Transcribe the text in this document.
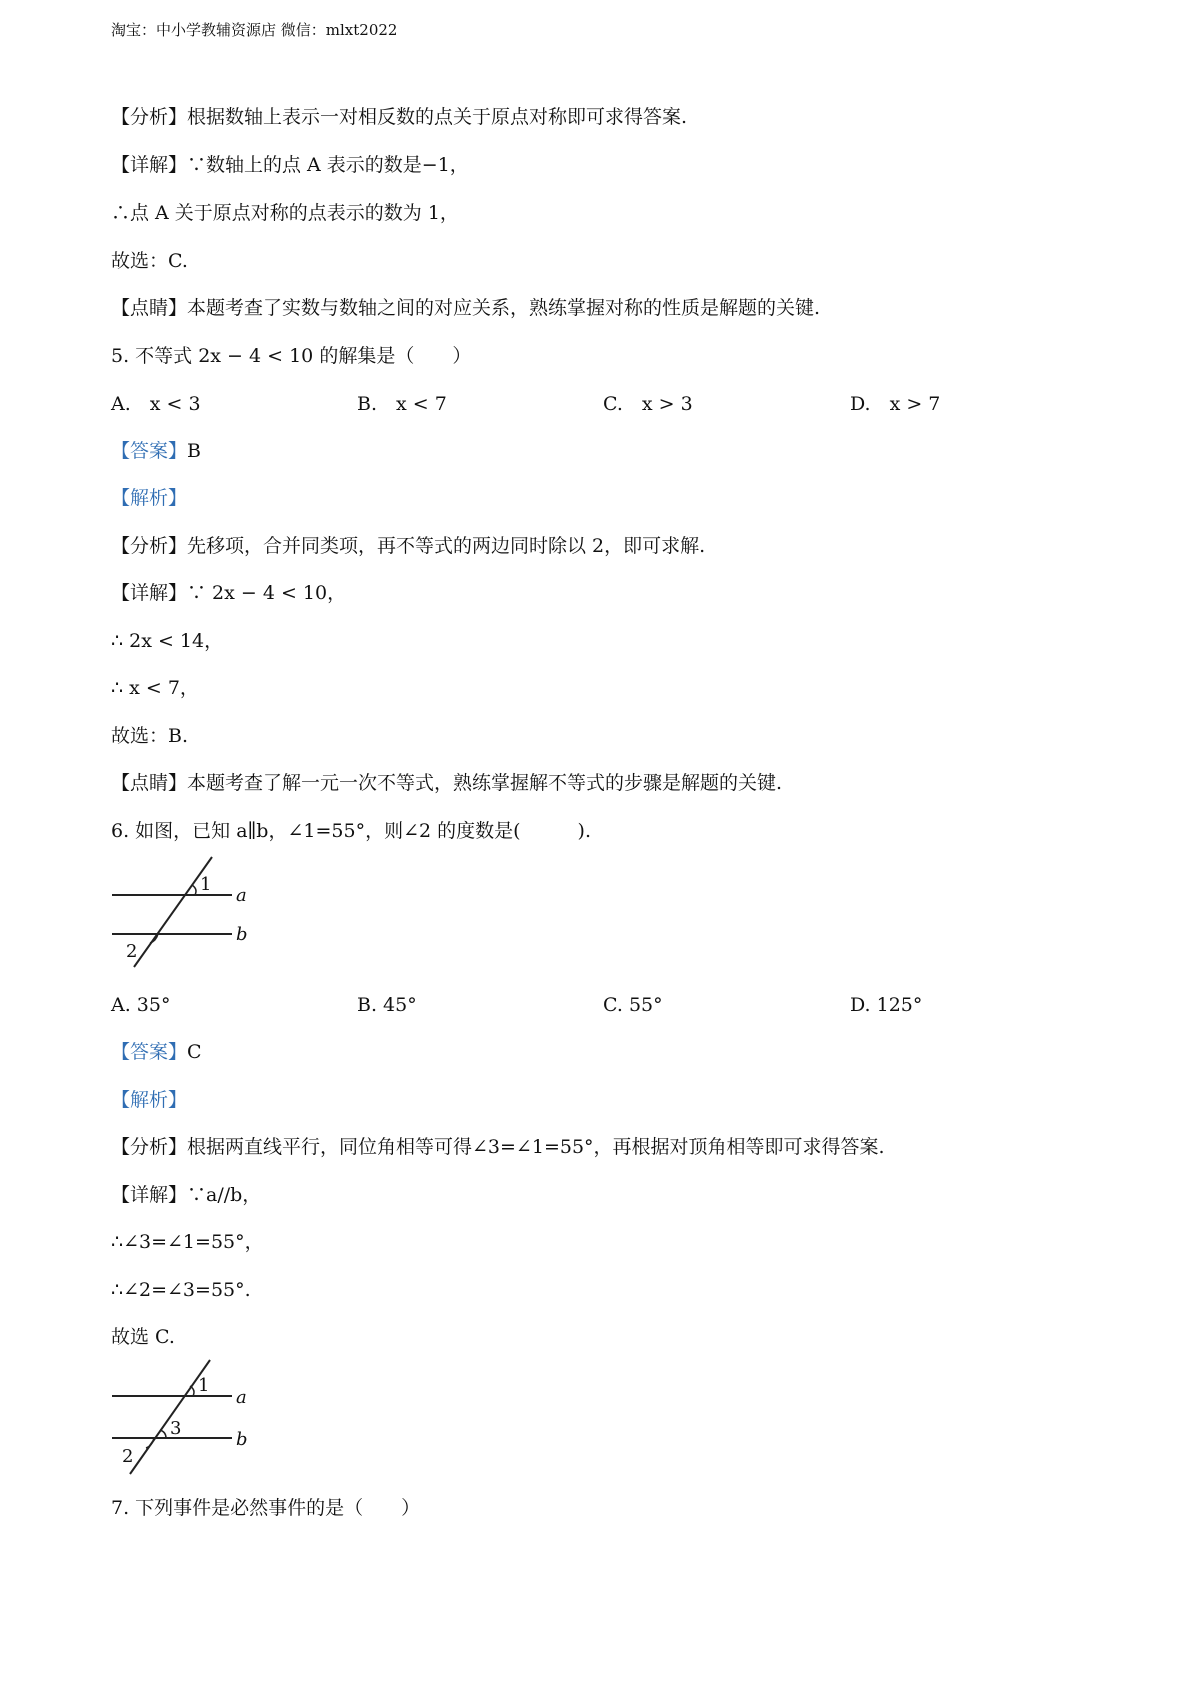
淘宝：中小学教辅资源店 微信：mlxt2022
【分析】根据数轴上表示一对相反数的点关于原点对称即可求得答案.
【详解】∵数轴上的点 A 表示的数是−1，
∴点 A 关于原点对称的点表示的数为 1，
故选：C.
【点睛】本题考查了实数与数轴之间的对应关系，熟练掌握对称的性质是解题的关键.
5. 不等式 2x − 4 < 10 的解集是（　　）
A.　x < 3	B.　x < 7	C.　x > 3	D.　x > 7
【答案】B
【解析】
【分析】先移项，合并同类项，再不等式的两边同时除以 2，即可求解.
【详解】∵ 2x − 4 < 10，
∴ 2x < 14，
∴ x < 7，
故选：B.
【点睛】本题考查了解一元一次不等式，熟练掌握解不等式的步骤是解题的关键.
6. 如图，已知 a∥b，∠1=55°，则∠2 的度数是(　　　).
1
2
a
b
A. 35°	B. 45°	C. 55°	D. 125°
【答案】C
【解析】
【分析】根据两直线平行，同位角相等可得∠3=∠1=55°，再根据对顶角相等即可求得答案.
【详解】∵a//b，
∴∠3=∠1=55°，
∴∠2=∠3=55°.
故选 C.
1
3
2
a
b
7. 下列事件是必然事件的是（　　）
